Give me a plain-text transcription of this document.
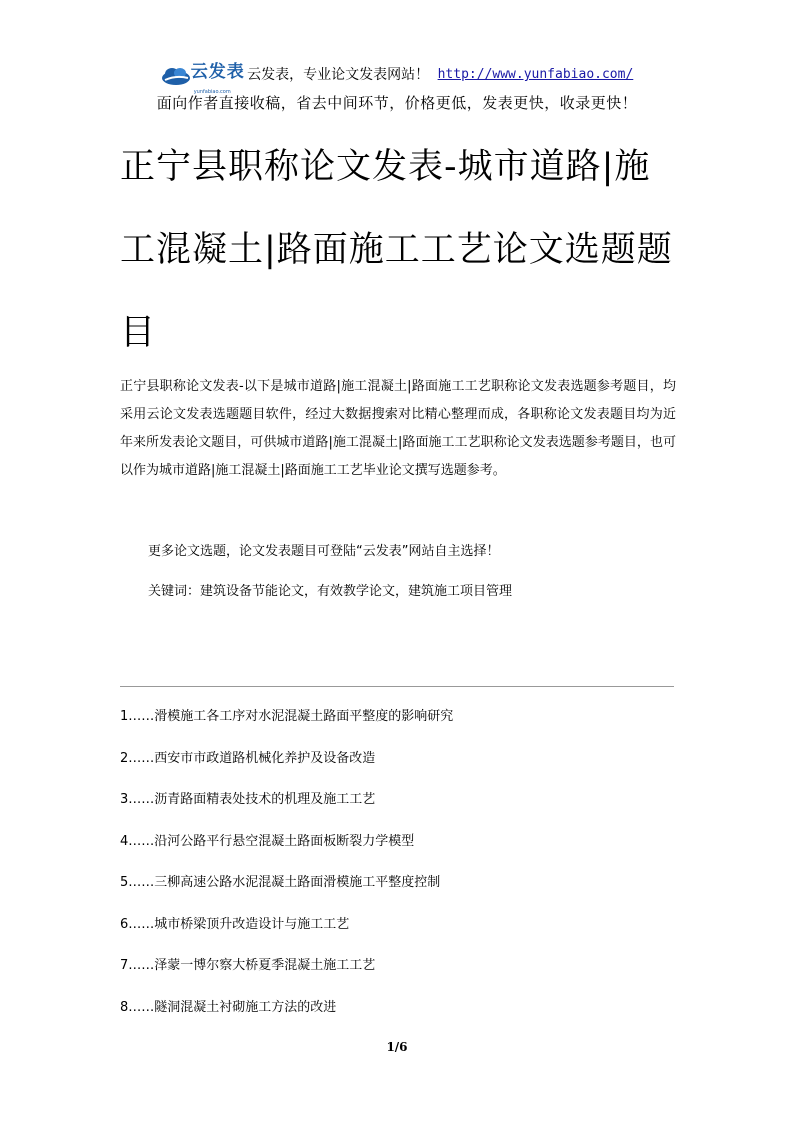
云发表
yunfabiao.com
云发表，专业论文发表网站！ http://www.yunfabiao.com/
面向作者直接收稿，省去中间环节，价格更低，发表更快，收录更快！
正宁县职称论文发表-城市道路|施工混凝土|路面施工工艺论文选题题目

正宁县职称论文发表-以下是城市道路|施工混凝土|路面施工工艺职称论文发表选题参考题目，均采用云论文发表选题题目软件，经过大数据搜索对比精心整理而成，各职称论文发表题目均为近年来所发表论文题目，可供城市道路|施工混凝土|路面施工工艺职称论文发表选题参考题目，也可以作为城市道路|施工混凝土|路面施工工艺毕业论文撰写选题参考。

更多论文选题，论文发表题目可登陆“云发表”网站自主选择！
关键词：建筑设备节能论文，有效教学论文，建筑施工项目管理
1……滑模施工各工序对水泥混凝土路面平整度的影响研究
2……西安市市政道路机械化养护及设备改造
3……沥青路面精表处技术的机理及施工工艺
4……沿河公路平行悬空混凝土路面板断裂力学模型
5……三柳高速公路水泥混凝土路面滑模施工平整度控制
6……城市桥梁顶升改造设计与施工工艺
7……泽蒙一博尔察大桥夏季混凝土施工工艺
8……隧洞混凝土衬砌施工方法的改进
1/6
